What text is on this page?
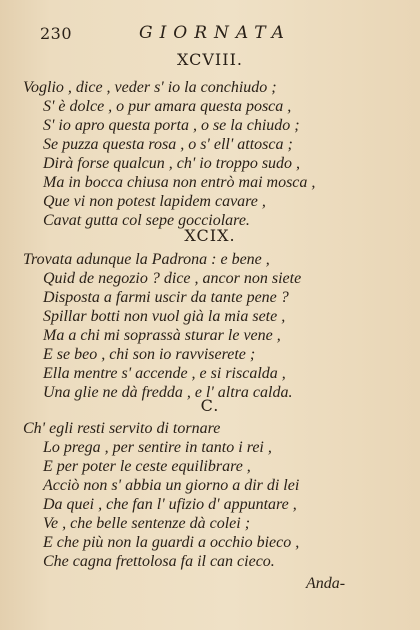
230	GIORNATA
XCVIII.
Voglio , dice , veder s' io la conchiudo ;
S' è dolce , o pur amara questa posca ,
S' io apro questa porta , o se la chiudo ;
Se puzza questa rosa , o s' ell' attosca ;
Dirà forse qualcun , ch' io troppo sudo ,
Ma in bocca chiusa non entrò mai mosca ,
Que vi non potest lapidem cavare ,
Cavat gutta col sepe gocciolare.
XCIX.
Trovata adunque la Padrona : e bene ,
Quid de negozio ? dice , ancor non siete
Disposta a farmi uscir da tante pene ?
Spillar botti non vuol già la mia sete ,
Ma a chi mi soprassà sturar le vene ,
E se beo , chi son io ravviserete ;
Ella mentre s' accende , e si riscalda ,
Una glie ne dà fredda , e l' altra calda.
C.
Ch' egli resti servito di tornare
Lo prega , per sentire in tanto i rei ,
E per poter le ceste equilibrare ,
Acciò non s' abbia un giorno a dir di lei
Da quei , che fan l' ufizio d' appuntare ,
Ve , che belle sentenze dà colei ;
E che più non la guardi a occhio bieco ,
Che cagna frettolosa fa il can cieco.
Anda-
